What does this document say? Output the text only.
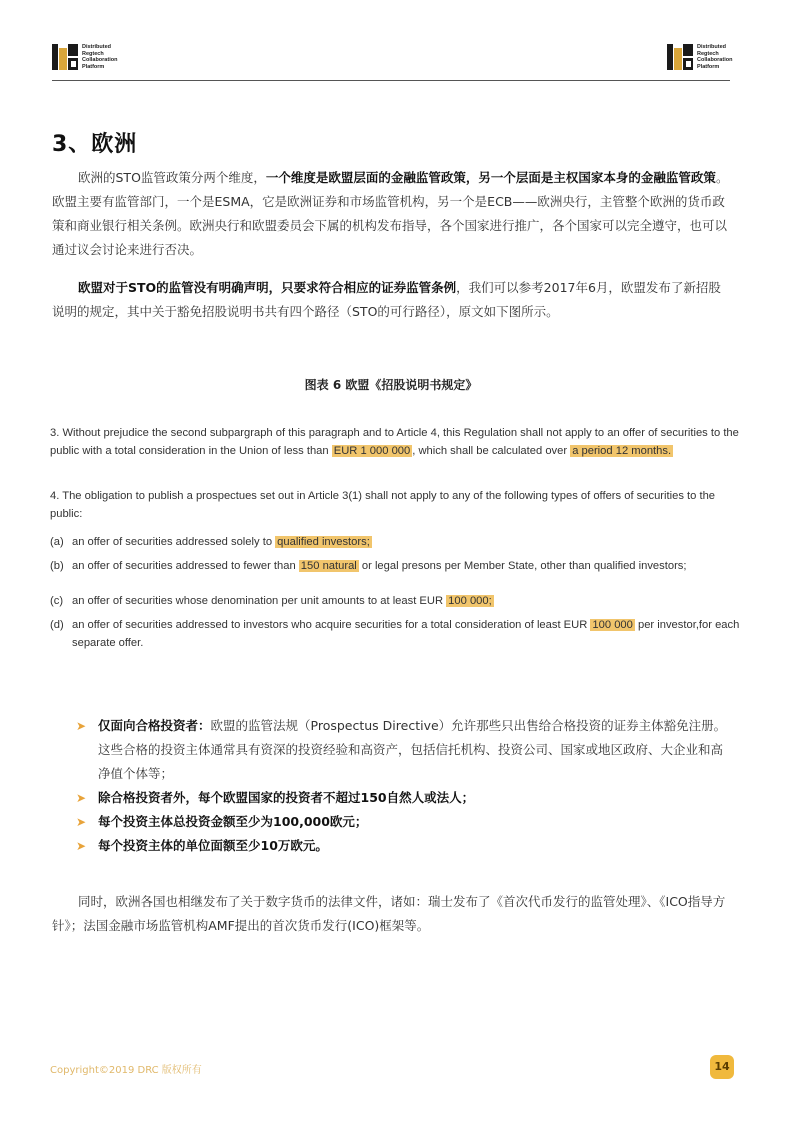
Distributed
Regtech
Collaboration
Platform
Distributed
Regtech
Collaboration
Platform
3、欧洲
欧洲的STO监管政策分两个维度，一个维度是欧盟层面的金融监管政策，另一个层面是主权国家本身的金融监管政策。欧盟主要有监管部门，一个是ESMA，它是欧洲证券和市场监管机构，另一个是ECB——欧洲央行，主管整个欧洲的货币政策和商业银行相关条例。欧洲央行和欧盟委员会下属的机构发布指导，各个国家进行推广，各个国家可以完全遵守，也可以通过议会讨论来进行否决。
欧盟对于STO的监管没有明确声明，只要求符合相应的证券监管条例，我们可以参考2017年6月，欧盟发布了新招股说明的规定，其中关于豁免招股说明书共有四个路径（STO的可行路径），原文如下图所示。
图表 6 欧盟《招股说明书规定》
3. Without prejudice the second subpargraph of this paragraph and to Article 4, this Regulation shall not apply to an offer of securities to the public with a total consideration in the Union of less than EUR 1 000 000 , which shall be calculated over a period 12 months.
4. The obligation to publish a prospectues set out in Article 3(1) shall not apply to any of the following types of offers of securities to the public:
(a) an offer of securities addressed solely to qualified investors;
(b) an offer of securities addressed to fewer than 150 natural or legal presons per Member State, other than qualified investors;
(c) an offer of securities whose denomination per unit amounts to at least EUR 100 000;
(d) an offer of securities addressed to investors who acquire securities for a total consideration of least EUR 100 000 per investor,for each separate offer.
➤ 仅面向合格投资者：欧盟的监管法规（Prospectus Directive）允许那些只出售给合格投资的证券主体豁免注册。这些合格的投资主体通常具有资深的投资经验和高资产，包括信托机构、投资公司、国家或地区政府、大企业和高净值个体等；
➤ 除合格投资者外，每个欧盟国家的投资者不超过150自然人或法人；
➤ 每个投资主体总投资金额至少为100,000欧元；
➤ 每个投资主体的单位面额至少10万欧元。
同时，欧洲各国也相继发布了关于数字货币的法律文件，诸如：瑞士发布了《首次代币发行的监管处理》、《ICO指导方针》；法国金融市场监管机构AMF提出的首次货币发行(ICO)框架等。
Copyright©2019 DRC 版权所有	14
